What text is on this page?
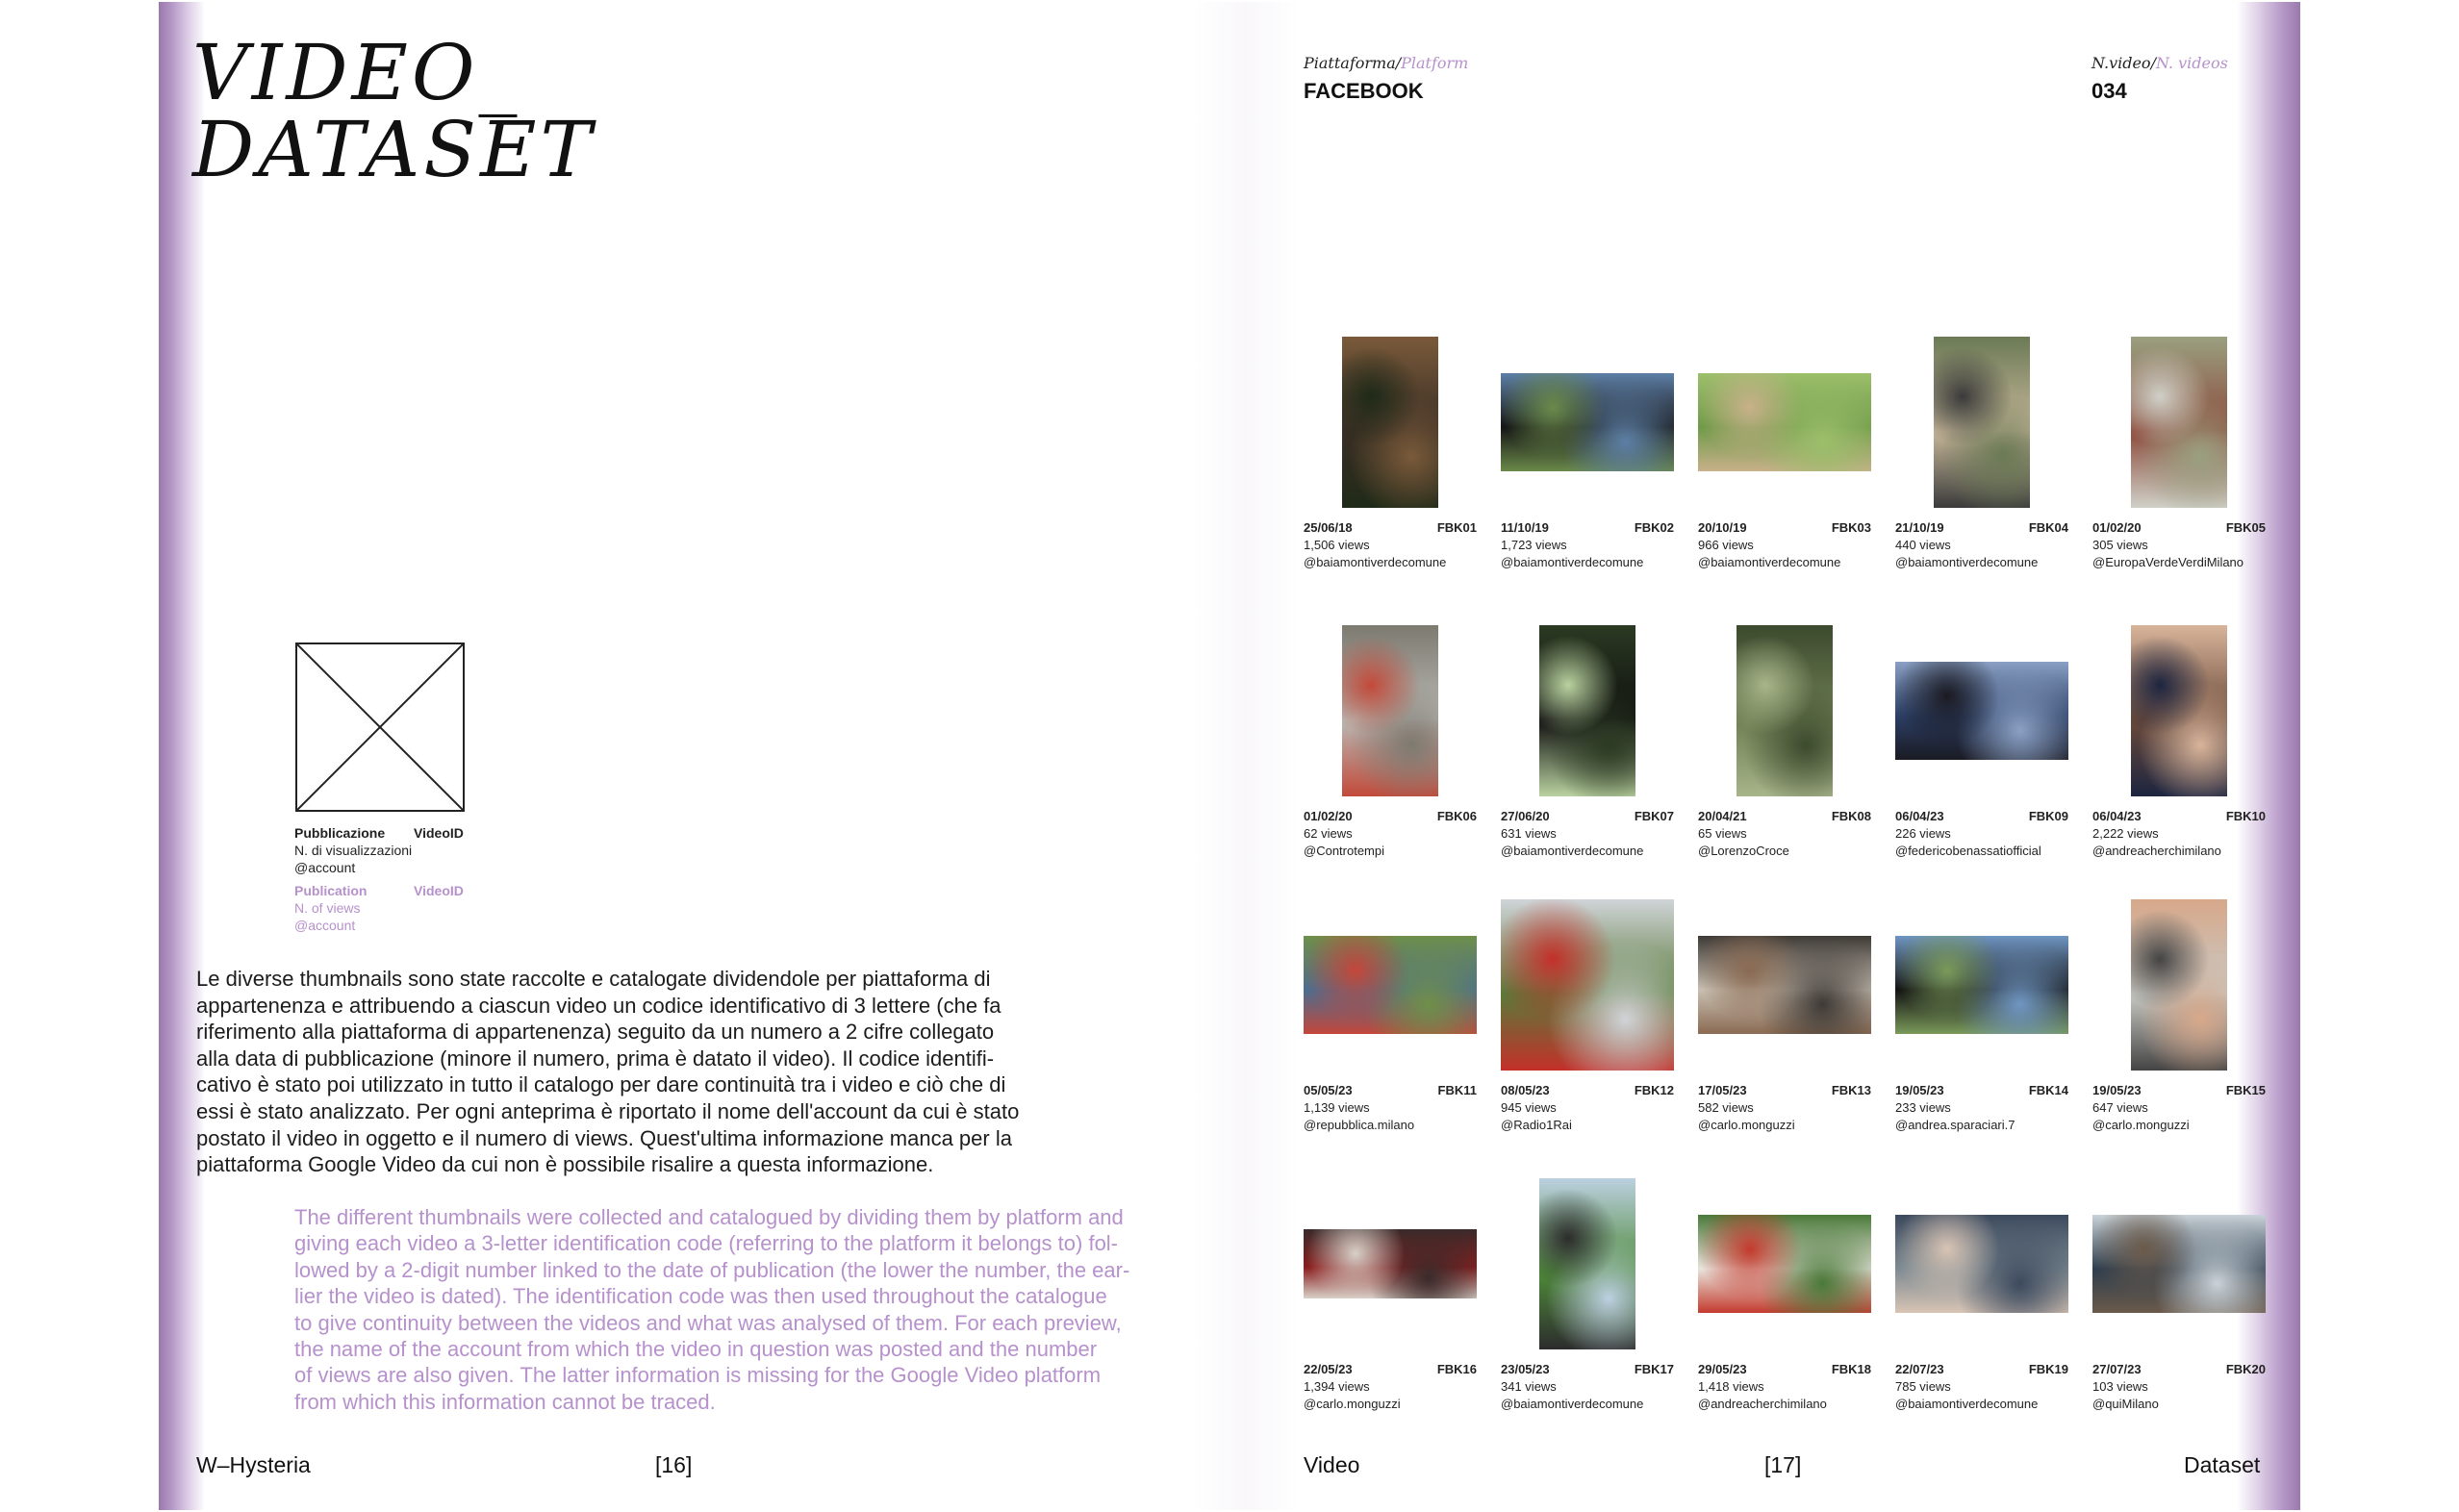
VIDEO_
DATASET
Pubblicazione VideoID
N. di visualizzazioni
@account
Publication	VideoID
N. of views
@account
Le diverse thumbnails sono state raccolte e catalogate dividendole per piattaforma di
appartenenza e attribuendo a ciascun video un codice identificativo di 3 lettere (che fa
riferimento alla piattaforma di appartenenza) seguito da un numero a 2 cifre collegato
alla data di pubblicazione (minore il numero, prima è datato il video). Il codice identifi-
cativo è stato poi utilizzato in tutto il catalogo per dare continuità tra i video e ciò che di
essi è stato analizzato. Per ogni anteprima è riportato il nome dell'account da cui è stato
postato il video in oggetto e il numero di views. Quest'ultima informazione manca per la
piattaforma Google Video da cui non è possibile risalire a questa informazione.
The different thumbnails were collected and catalogued by dividing them by platform and
giving each video a 3-letter identification code (referring to the platform it belongs to) fol-
lowed by a 2-digit number linked to the date of publication (the lower the number, the ear-
lier the video is dated). The identification code was then used throughout the catalogue
to give continuity between the videos and what was analysed of them. For each preview,
the name of the account from which the video in question was posted and the number
of views are also given. The latter information is missing for the Google Video platform
from which this information cannot be traced.
W–Hysteria	[16]
Piattaforma/Platform
FACEBOOK
N.video/N. videos
034
25/06/18	FBK01
1,506 views
@baiamontiverdecomune
11/10/19	FBK02
1,723 views
@baiamontiverdecomune
20/10/19	FBK03
966 views
@baiamontiverdecomune
21/10/19	FBK04
440 views
@baiamontiverdecomune
01/02/20	FBK05
305 views
@EuropaVerdeVerdiMilano
01/02/20	FBK06
62 views
@Controtempi
27/06/20	FBK07
631 views
@baiamontiverdecomune
20/04/21	FBK08
65 views
@LorenzoCroce
06/04/23	FBK09
226 views
@federicobenassatiofficial
06/04/23	FBK10
2,222 views
@andreacherchimilano
05/05/23	FBK11
1,139 views
@repubblica.milano
08/05/23	FBK12
945 views
@Radio1Rai
17/05/23	FBK13
582 views
@carlo.monguzzi
19/05/23	FBK14
233 views
@andrea.sparaciari.7
19/05/23	FBK15
647 views
@carlo.monguzzi
22/05/23	FBK16
1,394 views
@carlo.monguzzi
23/05/23	FBK17
341 views
@baiamontiverdecomune
29/05/23	FBK18
1,418 views
@andreacherchimilano
22/07/23	FBK19
785 views
@baiamontiverdecomune
27/07/23	FBK20
103 views
@quiMilano
Video	[17]	Dataset
